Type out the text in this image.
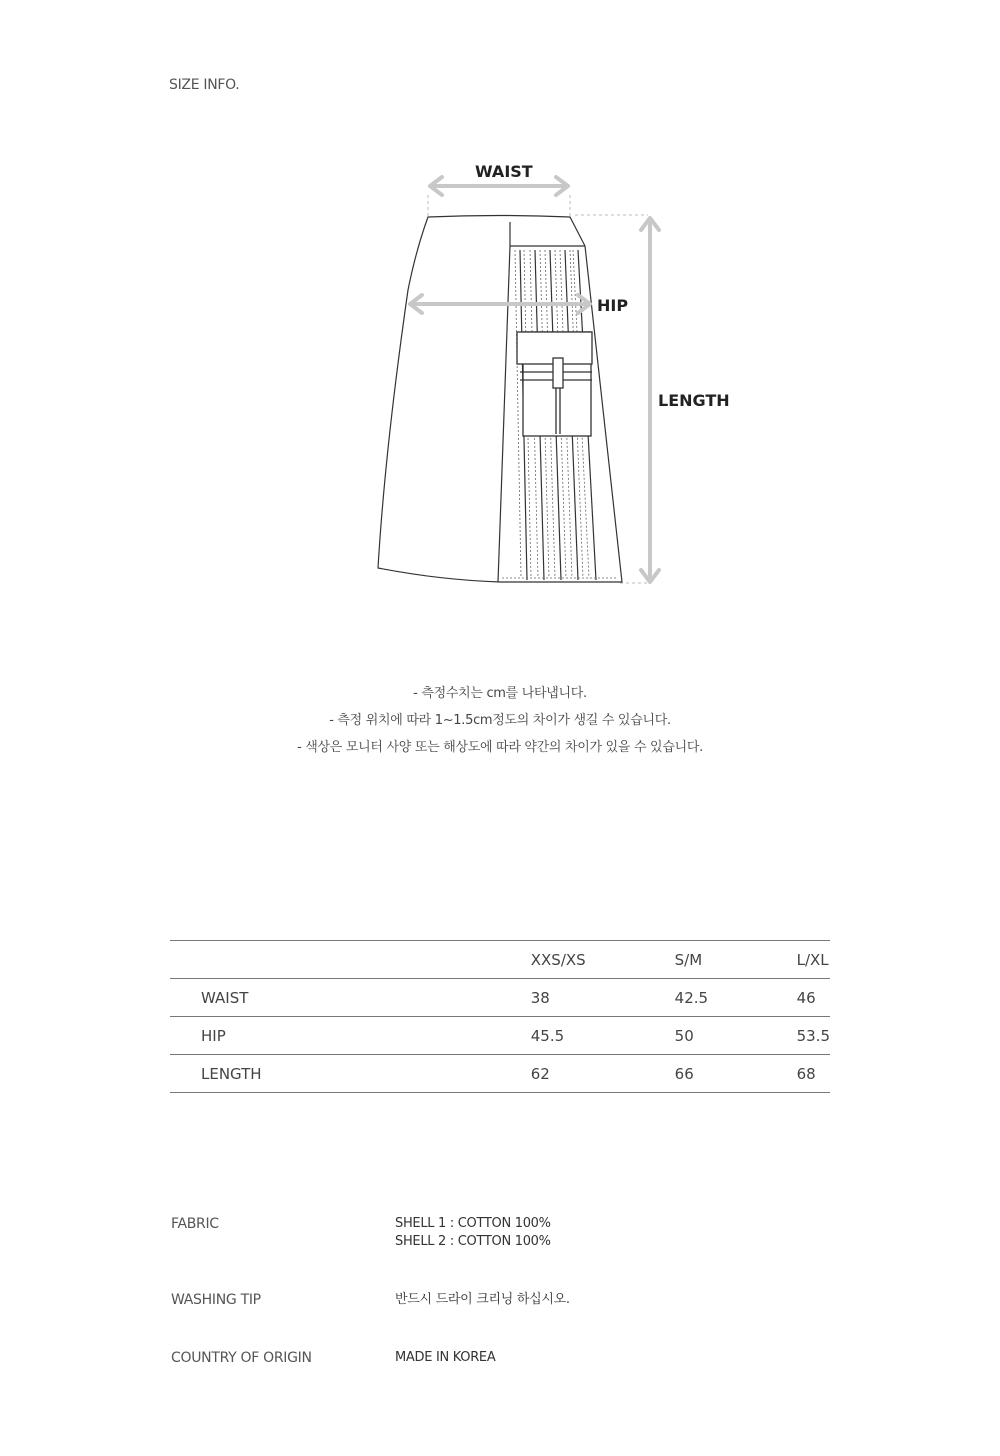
SIZE INFO.
WAIST
HIP
LENGTH
- 측정수치는 cm를 나타냅니다.
- 측정 위치에 따라 1~1.5cm정도의 차이가 생길 수 있습니다.
- 색상은 모니터 사양 또는 해상도에 따라 약간의 차이가 있을 수 있습니다.
	XXS/XS	S/M	L/XL
WAIST	38	42.5	46
HIP	45.5	50	53.5
LENGTH	62	66	68
FABRIC	SHELL 1 : COTTON 100%
SHELL 2 : COTTON 100%
WASHING TIP	반드시 드라이 크리닝 하십시오.
COUNTRY OF ORIGIN	MADE IN KOREA
